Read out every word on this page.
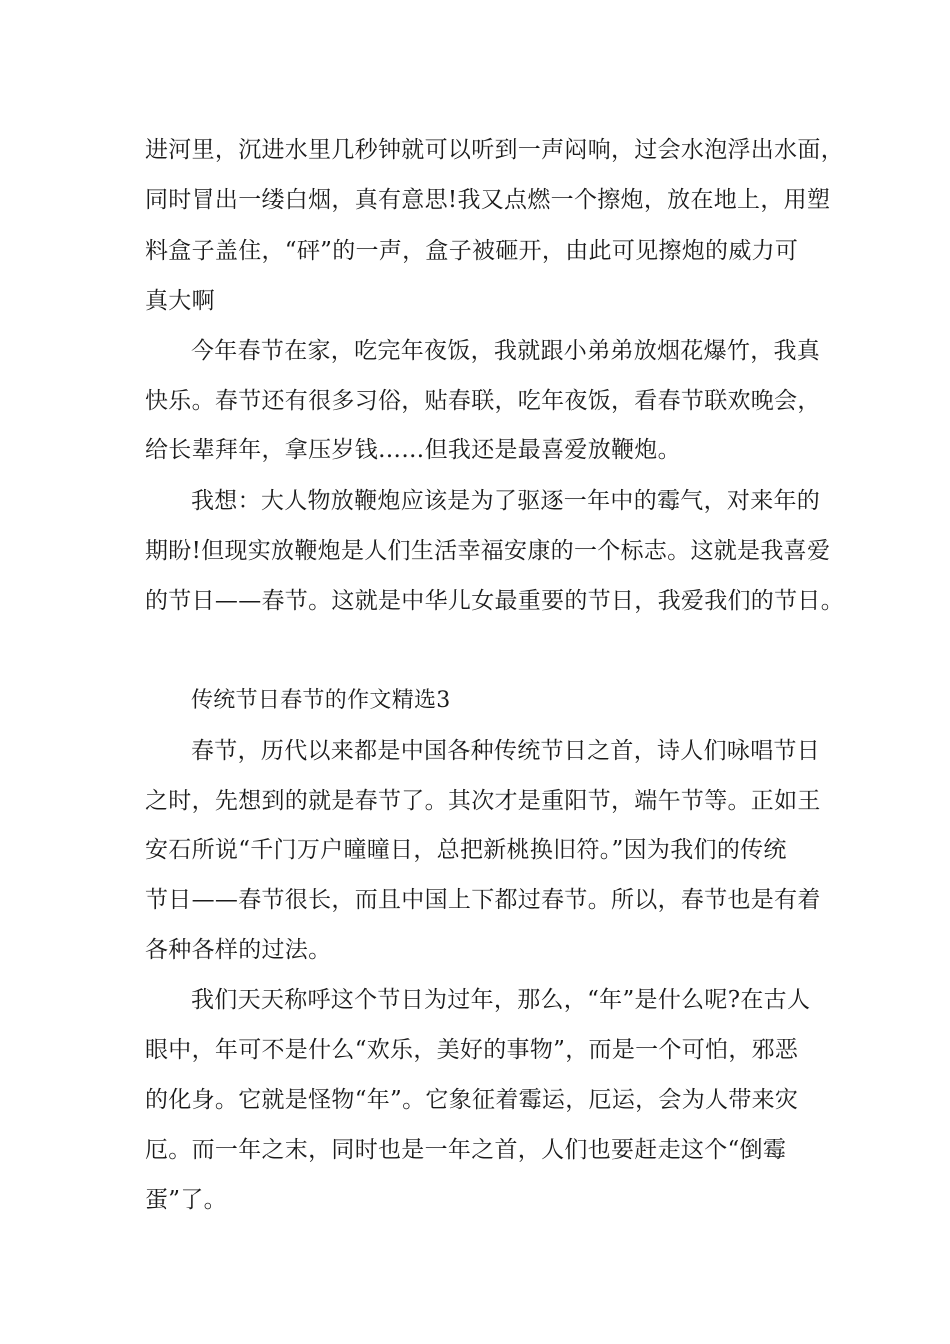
进河里，沉进水里几秒钟就可以听到一声闷响，过会水泡浮出水面，
同时冒出一缕白烟，真有意思!我又点燃一个擦炮，放在地上，用塑
料盒子盖住，“砰”的一声，盒子被砸开，由此可见擦炮的威力可
真大啊
今年春节在家，吃完年夜饭，我就跟小弟弟放烟花爆竹，我真
快乐。春节还有很多习俗，贴春联，吃年夜饭，看春节联欢晚会，
给长辈拜年，拿压岁钱……但我还是最喜爱放鞭炮。
我想：大人物放鞭炮应该是为了驱逐一年中的霉气，对来年的
期盼!但现实放鞭炮是人们生活幸福安康的一个标志。这就是我喜爱
的节日——春节。这就是中华儿女最重要的节日，我爱我们的节日。
传统节日春节的作文精选3
春节，历代以来都是中国各种传统节日之首，诗人们咏唱节日
之时，先想到的就是春节了。其次才是重阳节，端午节等。正如王
安石所说“千门万户曈曈日，总把新桃换旧符。”因为我们的传统
节日——春节很长，而且中国上下都过春节。所以，春节也是有着
各种各样的过法。
我们天天称呼这个节日为过年，那么，“年”是什么呢?在古人
眼中，年可不是什么“欢乐，美好的事物”，而是一个可怕，邪恶
的化身。它就是怪物“年”。它象征着霉运，厄运，会为人带来灾
厄。而一年之末，同时也是一年之首，人们也要赶走这个“倒霉
蛋”了。
